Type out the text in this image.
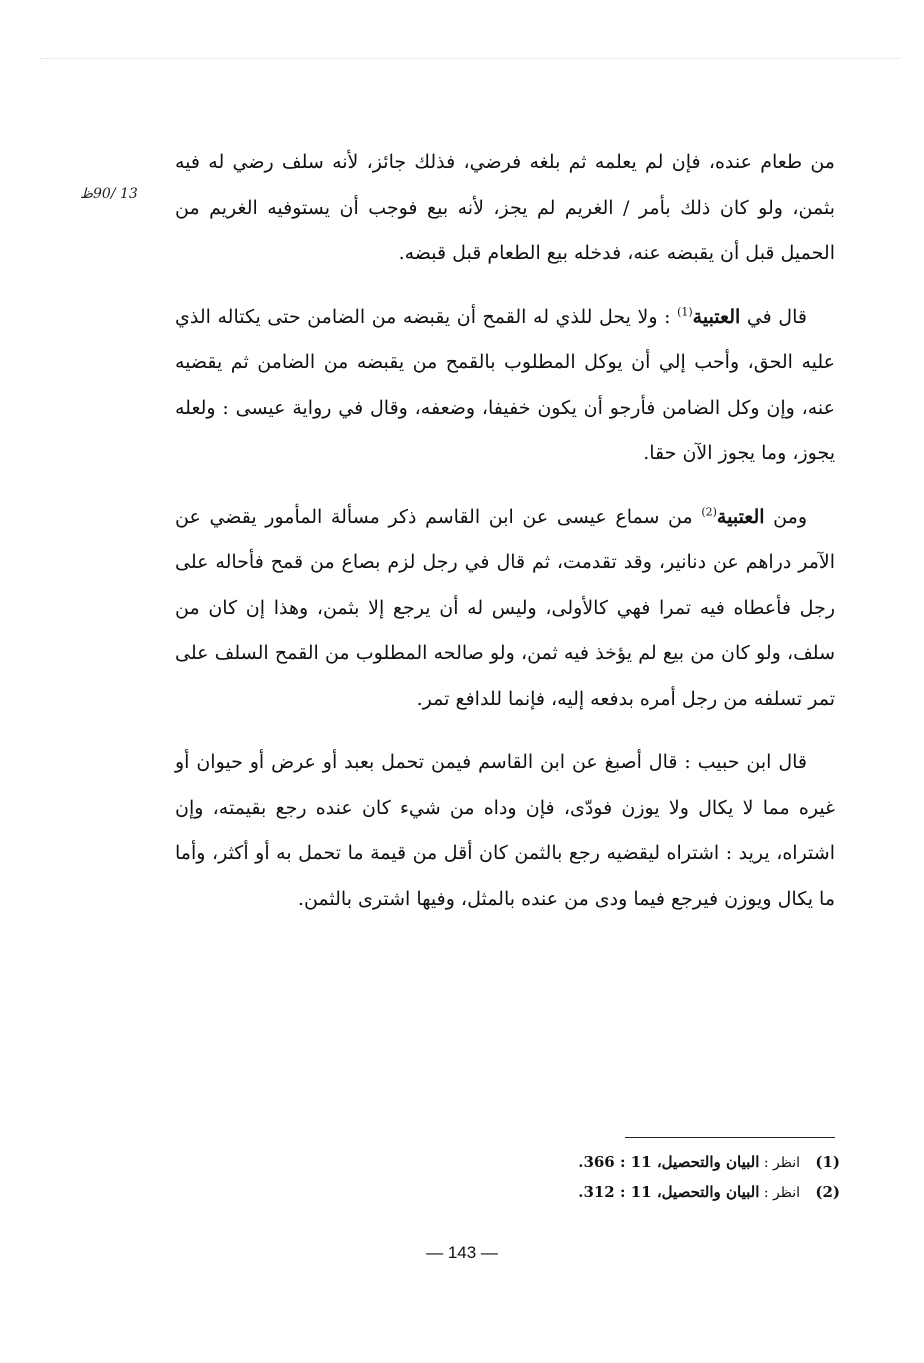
13 /90ظ

من طعام عنده، فإن لم يعلمه ثم بلغه فرضي، فذلك جائز، لأنه سلف رضي له فيه بثمن، ولو كان ذلك بأمر / الغريم لم يجز، لأنه بيع فوجب أن يستوفيه الغريم من الحميل قبل أن يقبضه عنه، فدخله بيع الطعام قبل قبضه.

قال في العتبية$^{(1)}$ : ولا يحل للذي له القمح أن يقبضه من الضامن حتى يكتاله الذي عليه الحق، وأحب إلي أن يوكل المطلوب بالقمح من يقبضه من الضامن ثم يقضيه عنه، وإن وكل الضامن فأرجو أن يكون خفيفا، وضعفه، وقال في رواية عيسى : ولعله يجوز، وما يجوز الآن حقا.

ومن العتبية$^{(2)}$ من سماع عيسى عن ابن القاسم ذكر مسألة المأمور يقضي عن الآمر دراهم عن دنانير، وقد تقدمت، ثم قال في رجل لزم بصاع من قمح فأحاله على رجل فأعطاه فيه تمرا فهي كالأولى، وليس له أن يرجع إلا بثمن، وهذا إن كان من سلف، ولو كان من بيع لم يؤخذ فيه ثمن، ولو صالحه المطلوب من القمح السلف على تمر تسلفه من رجل أمره بدفعه إليه، فإنما للدافع تمر.

قال ابن حبيب : قال أصبغ عن ابن القاسم فيمن تحمل بعبد أو عرض أو حيوان أو غيره مما لا يكال ولا يوزن فودّى، فإن وداه من شيء كان عنده رجع بقيمته، وإن اشتراه، يريد : اشتراه ليقضيه رجع بالثمن كان أقل من قيمة ما تحمل به أو أكثر، وأما ما يكال ويوزن فيرجع فيما ودى من عنده بالمثل، وفيها اشترى بالثمن.

(1)انظر : البيان والتحصيل، 11 : 366.
(2)انظر : البيان والتحصيل، 11 : 312.
— 143 —
